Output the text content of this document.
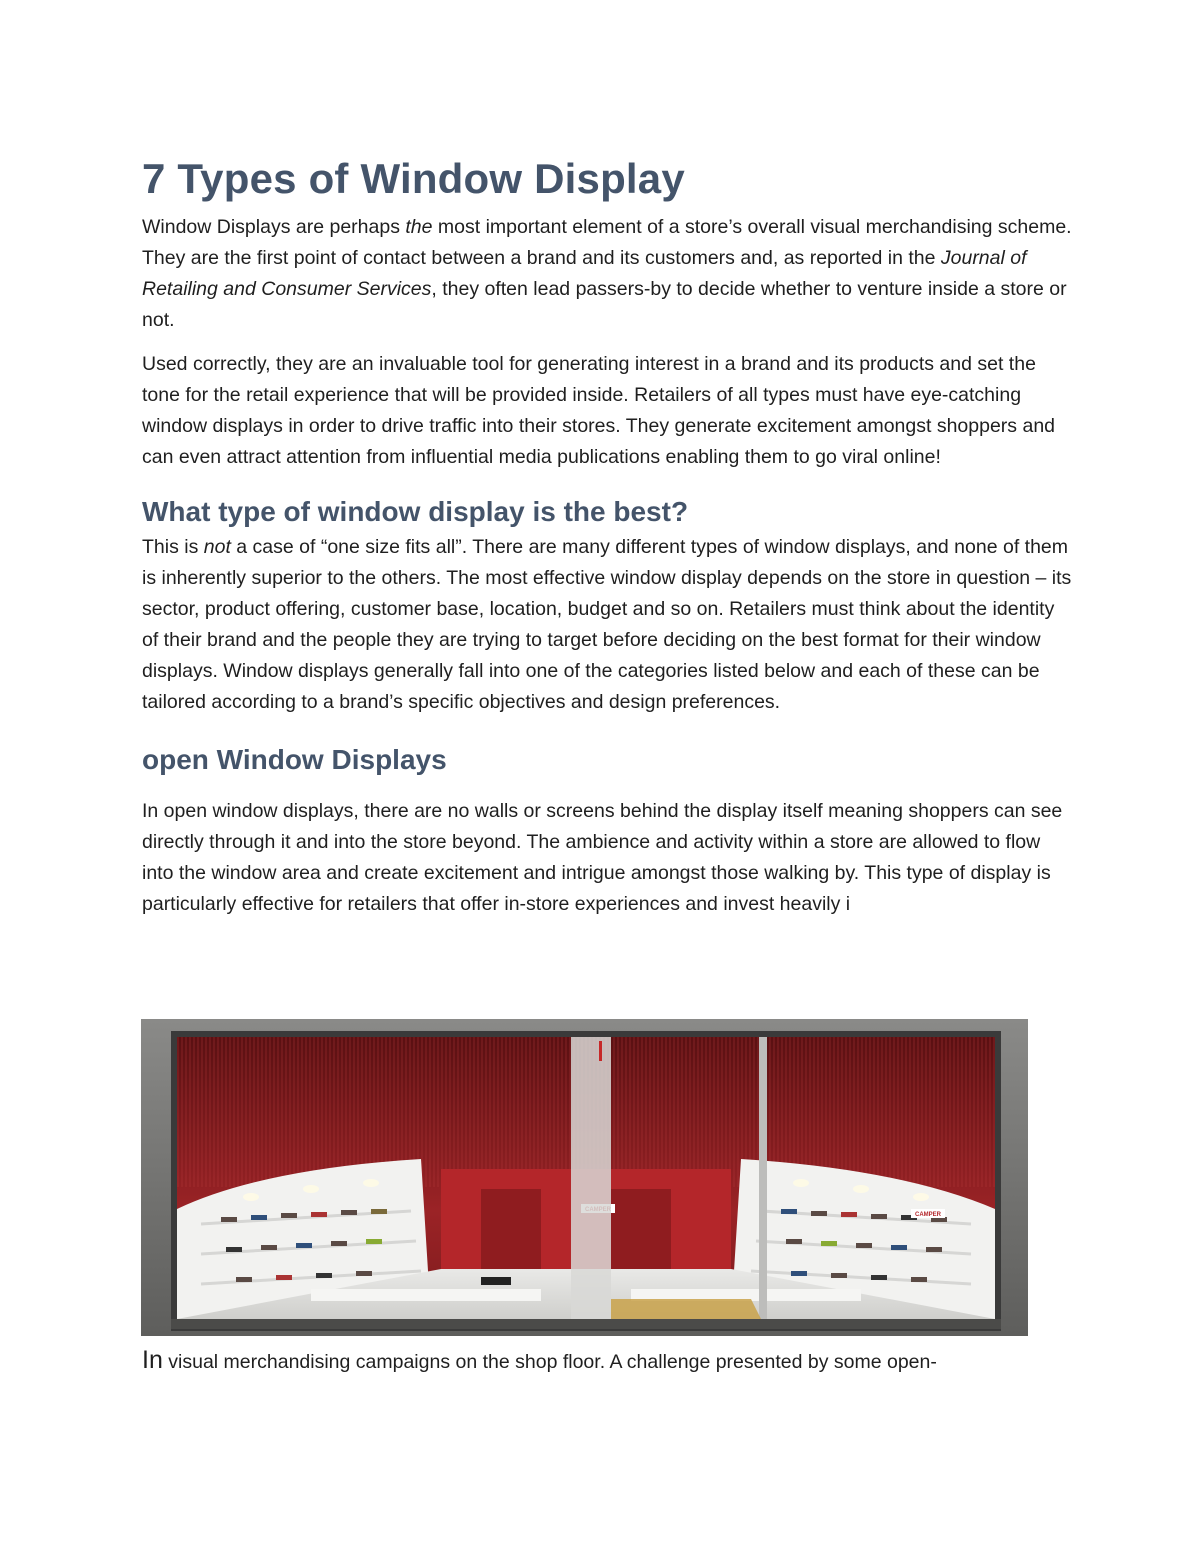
7 Types of Window Display

Window Displays are perhaps the most important element of a store’s overall visual merchandising scheme. They are the first point of contact between a brand and its customers and, as reported in the Journal of Retailing and Consumer Services, they often lead passers-by to decide whether to venture inside a store or not.

Used correctly, they are an invaluable tool for generating interest in a brand and its products and set the tone for the retail experience that will be provided inside. Retailers of all types must have eye-catching window displays in order to drive traffic into their stores. They generate excitement amongst shoppers and can even attract attention from influential media publications enabling them to go viral online!

What type of window display is the best?

This is not a case of “one size fits all”. There are many different types of window displays, and none of them is inherently superior to the others. The most effective window display depends on the store in question – its sector, product offering, customer base, location, budget and so on. Retailers must think about the identity of their brand and the people they are trying to target before deciding on the best format for their window displays. Window displays generally fall into one of the categories listed below and each of these can be tailored according to a brand’s specific objectives and design preferences.

open Window Displays

In open window displays, there are no walls or screens behind the display itself meaning shoppers can see directly through it and into the store beyond. The ambience and activity within a store are allowed to flow into the window area and create excitement and intrigue amongst those walking by. This type of display is particularly effective for retailers that offer in-store experiences and invest heavily i

CAMPER
In visual merchandising campaigns on the shop floor. A challenge presented by some open-
